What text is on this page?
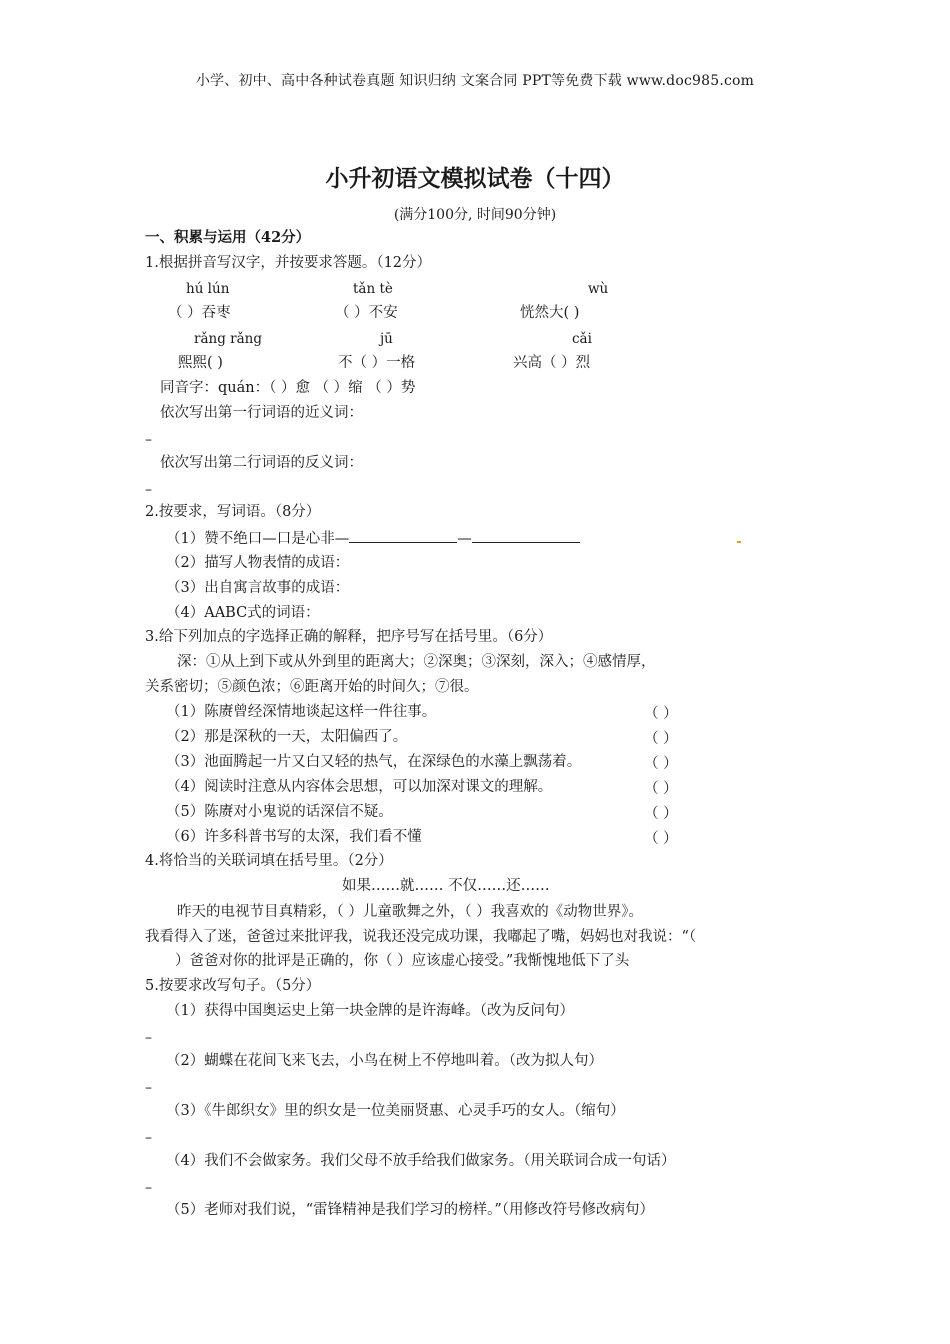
小学、初中、高中各种试卷真题 知识归纳 文案合同 PPT等免费下载 www.doc985.com
小升初语文模拟试卷（十四）
(满分100分, 时间90分钟)
一、积累与运用（42分）
1.根据拼音写汉字，并按要求答题。（12分）
hú lún	tǎn tè	wù
（ ）吞枣	（ ）不安	恍然大( )
rǎng rǎng	jū	cǎi
熙熙( )	不（ ）一格	兴高（ ）烈
同音字：quán：（ ）愈 （ ）缩 （ ）势
依次写出第一行词语的近义词：
–
依次写出第二行词语的反义词：
–
2.按要求，写词语。（8分）
（1）赞不绝口—口是心非—	—
（2）描写人物表情的成语：
（3）出自寓言故事的成语：
（4）AABC式的词语：
3.给下列加点的字选择正确的解释，把序号写在括号里。（6分）
深：①从上到下或从外到里的距离大；②深奥；③深刻，深入；④感情厚，
关系密切；⑤颜色浓；⑥距离开始的时间久；⑦很。
（1）陈赓曾经深情地谈起这样一件往事。	（ ）
（2）那是深秋的一天，太阳偏西了。	（ ）
（3）池面腾起一片又白又轻的热气，在深绿色的水藻上飘荡着。	（ ）
（4）阅读时注意从内容体会思想，可以加深对课文的理解。	（ ）
（5）陈赓对小鬼说的话深信不疑。	（ ）
（6）许多科普书写的太深，我们看不懂	（ ）
4.将恰当的关联词填在括号里。（2分）
如果……就…… 不仅……还……
昨天的电视节目真精彩，（ ）儿童歌舞之外，（ ）我喜欢的《动物世界》。
我看得入了迷，爸爸过来批评我，说我还没完成功课，我嘟起了嘴，妈妈也对我说：“（
）爸爸对你的批评是正确的，你（ ）应该虚心接受。”我惭愧地低下了头
5.按要求改写句子。（5分）
（1）获得中国奥运史上第一块金牌的是许海峰。（改为反问句）
–
（2）蝴蝶在花间飞来飞去，小鸟在树上不停地叫着。（改为拟人句）
–
（3）《牛郎织女》里的织女是一位美丽贤惠、心灵手巧的女人。（缩句）
–
（4）我们不会做家务。我们父母不放手给我们做家务。（用关联词合成一句话）
–
（5）老师对我们说，“雷锋精神是我们学习的榜样。”（用修改符号修改病句）
